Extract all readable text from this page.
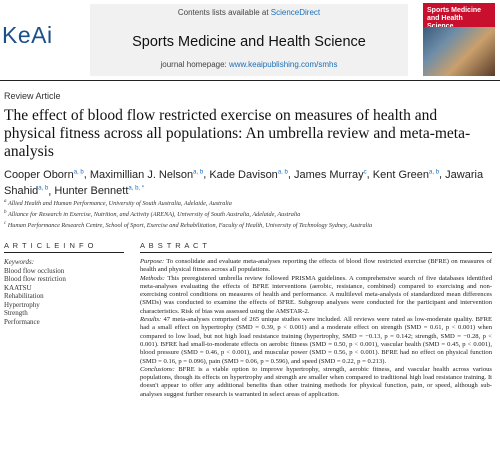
KeAi
Contents lists available at ScienceDirect
Sports Medicine and Health Science
journal homepage: www.keaipublishing.com/smhs
Sports Medicine and Health
Review Article
The effect of blood flow restricted exercise on measures of health and physical fitness across all populations: An umbrella review and meta-meta-analysis
Cooper Oborn$^{a, b}$, Maximillian J. Nelson$^{a, b}$, Kade Davison$^{a, b}$, James Murray$^c$, Kent Green$^{a, b}$, Jawaria Shahid$^{a, b}$, Hunter Bennett$^{a, b, *}$
$^a$ Allied Health and Human Performance, University of South Australia, Adelaide, Australia
$^b$ Alliance for Research in Exercise, Nutrition, and Activity (ARENA), University of South Australia, Adelaide, Australia
$^c$ Human Performance Research Centre, School of Sport, Exercise and Rehabilitation, Faculty of Health, University of Technology Sydney, Australia
A R T I C L E I N F O	A B S T R A C T
Keywords:
Blood flow occlusion
Blood flow restriction
KAATSU
Rehabilitation
Hypertrophy
Strength
Performance

Purpose: To consolidate and evaluate meta-analyses reporting the effects of blood flow restricted exercise (BFRE) on measures of health and physical fitness across all populations.

Methods: This preregistered umbrella review followed PRISMA guidelines. A comprehensive search of five databases identified meta-analyses evaluating the effects of BFRE interventions (aerobic, resistance, combined) compared to exercising and non-exercising control conditions on measures of health and performance. A multilevel meta-analysis of standardized mean differences (SMDs) was conducted to examine the effects of BFRE. Subgroup analyses were conducted for the participant and intervention characteristics. Risk of bias was assessed using the AMSTAR-2.

Results: 47 meta-analyses comprised of 265 unique studies were included. All reviews were rated as low-moderate quality. BFRE had a small effect on hypertrophy (SMD = 0.39, p < 0.001) and a moderate effect on strength (SMD = 0.61, p < 0.001) when compared to low load, but not high load resistance training (hypertrophy, SMD = −0.13, p = 0.142; strength, SMD = −0.28, p < 0.001). BFRE had small-to-moderate effects on aerobic fitness (SMD = 0.50, p < 0.001), vascular health (SMD = 0.45, p < 0.001), blood pressure (SMD = 0.46, p < 0.001), and muscular power (SMD = 0.56, p < 0.001). BFRE had no effect on physical function (SMD = 0.16, p = 0.096), pain (SMD = 0.06, p = 0.596), and speed (SMD = 0.22, p = 0.213).

Conclusions: BFRE is a viable option to improve hypertrophy, strength, aerobic fitness, and vascular health across various populations, though its effects on hypertrophy and strength are smaller when compared to traditional high load resistance training. It doesn't appear to offer any additional benefits than other training methods for physical function, pain, or speed, although sub-analyses suggest further research is warranted in select areas of application.
